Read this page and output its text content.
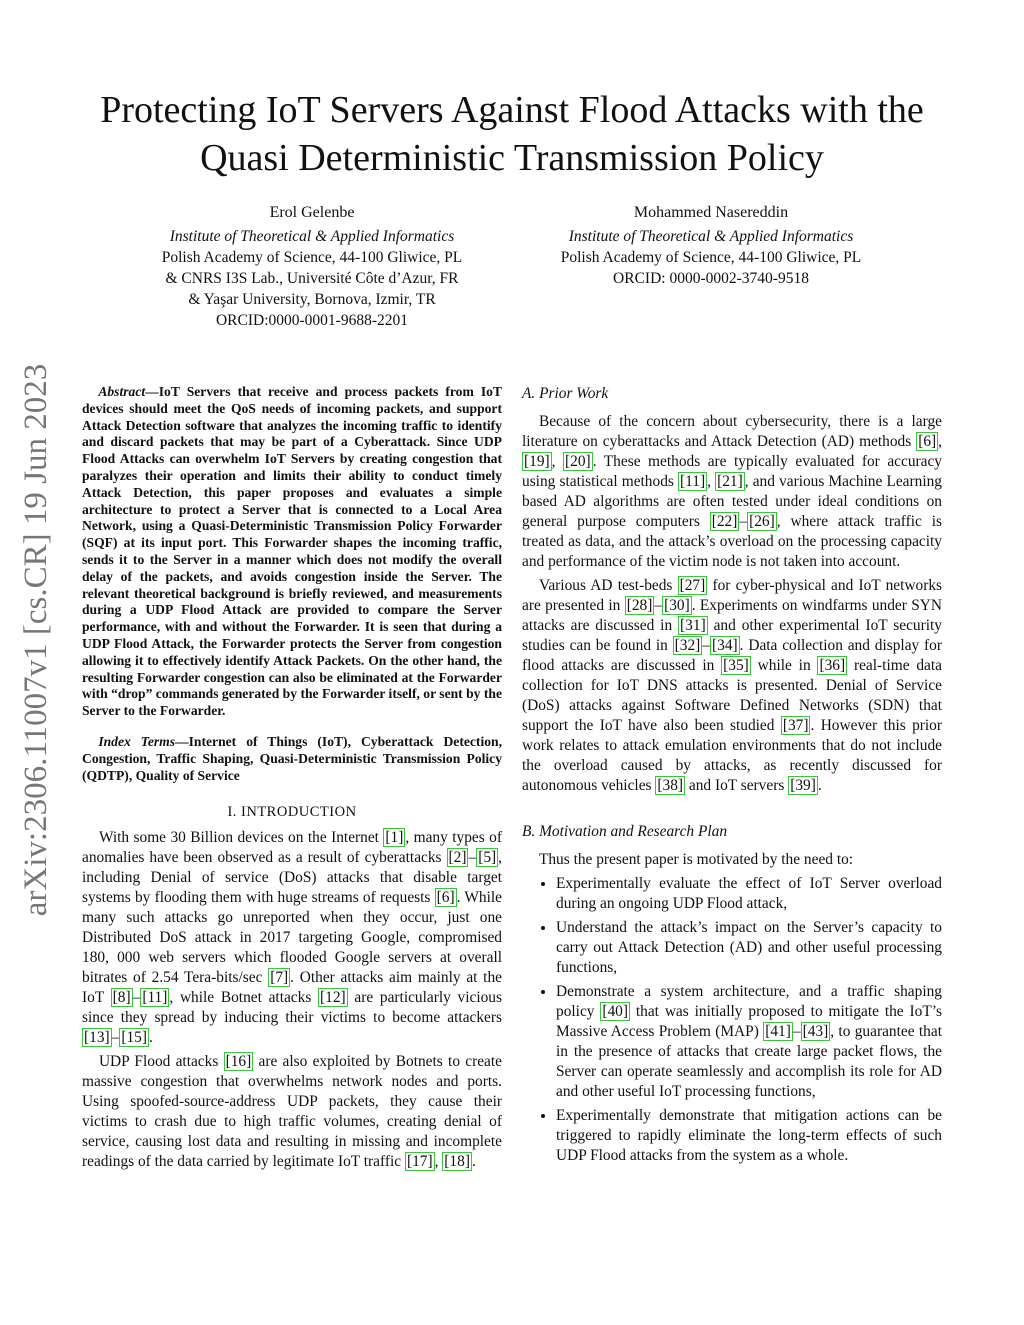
Protecting IoT Servers Against Flood Attacks with the Quasi Deterministic Transmission Policy
Erol Gelenbe
Institute of Theoretical & Applied Informatics
Polish Academy of Science, 44-100 Gliwice, PL
& CNRS I3S Lab., Université Côte d’Azur, FR
& Yaşar University, Bornova, Izmir, TR
ORCID:0000-0001-9688-2201
Mohammed Nasereddin
Institute of Theoretical & Applied Informatics
Polish Academy of Science, 44-100 Gliwice, PL
ORCID: 0000-0002-3740-9518
arXiv:2306.11007v1 [cs.CR] 19 Jun 2023	Abstract—IoT Servers that receive and process packets from IoT devices should meet the QoS needs of incoming packets, and support Attack Detection software that analyzes the incoming traffic to identify and discard packets that may be part of a Cyberattack. Since UDP Flood Attacks can overwhelm IoT Servers by creating congestion that paralyzes their operation and limits their ability to conduct timely Attack Detection, this paper proposes and evaluates a simple architecture to protect a Server that is connected to a Local Area Network, using a Quasi-Deterministic Transmission Policy Forwarder (SQF) at its input port. This Forwarder shapes the incoming traffic, sends it to the Server in a manner which does not modify the overall delay of the packets, and avoids congestion inside the Server. The relevant theoretical background is briefly reviewed, and measurements during a UDP Flood Attack are provided to compare the Server performance, with and without the Forwarder. It is seen that during a UDP Flood Attack, the Forwarder protects the Server from congestion allowing it to effectively identify Attack Packets. On the other hand, the resulting Forwarder congestion can also be eliminated at the Forwarder with “drop” commands generated by the Forwarder itself, or sent by the Server to the Forwarder.

Index Terms—Internet of Things (IoT), Cyberattack Detection, Congestion, Traffic Shaping, Quasi-Deterministic Transmission Policy (QDTP), Quality of Service

I. INTRODUCTION

With some 30 Billion devices on the Internet [1] , many types of anomalies have been observed as a result of cyberattacks [2] – [5] , including Denial of service (DoS) attacks that disable target systems by flooding them with huge streams of requests [6] . While many such attacks go unreported when they occur, just one Distributed DoS attack in 2017 targeting Google, compromised 180, 000 web servers which flooded Google servers at overall bitrates of 2.54 Tera-bits/sec [7] . Other attacks aim mainly at the IoT [8] – [11] , while Botnet attacks [12] are particularly vicious since they spread by inducing their victims to become attackers [13] – [15] .

UDP Flood attacks [16] are also exploited by Botnets to create massive congestion that overwhelms network nodes and ports. Using spoofed-source-address UDP packets, they cause their victims to crash due to high traffic volumes, creating denial of service, causing lost data and resulting in missing and incomplete readings of the data carried by legitimate IoT traffic [17] , [18] .

A. Prior Work

Because of the concern about cybersecurity, there is a large literature on cyberattacks and Attack Detection (AD) methods [6] , [19] , [20] . These methods are typically evaluated for accuracy using statistical methods [11] , [21] , and various Machine Learning based AD algorithms are often tested under ideal conditions on general purpose computers [22] – [26] , where attack traffic is treated as data, and the attack’s overload on the processing capacity and performance of the victim node is not taken into account.

Various AD test-beds [27] for cyber-physical and IoT networks are presented in [28] – [30] . Experiments on windfarms under SYN attacks are discussed in [31] and other experimental IoT security studies can be found in [32] – [34] . Data collection and display for flood attacks are discussed in [35] while in [36] real-time data collection for IoT DNS attacks is presented. Denial of Service (DoS) attacks against Software Defined Networks (SDN) that support the IoT have also been studied [37] . However this prior work relates to attack emulation environments that do not include the overload caused by attacks, as recently discussed for autonomous vehicles [38] and IoT servers [39] .

B. Motivation and Research Plan

Thus the present paper is motivated by the need to:

• Experimentally evaluate the effect of IoT Server overload during an ongoing UDP Flood attack,
• Understand the attack’s impact on the Server’s capacity to carry out Attack Detection (AD) and other useful processing functions,
• Demonstrate a system architecture, and a traffic shaping policy [40] that was initially proposed to mitigate the IoT’s Massive Access Problem (MAP) [41] – [43] , to guarantee that in the presence of attacks that create large packet flows, the Server can operate seamlessly and accomplish its role for AD and other useful IoT processing functions,
• Experimentally demonstrate that mitigation actions can be triggered to rapidly eliminate the long-term effects of such UDP Flood attacks from the system as a whole.
